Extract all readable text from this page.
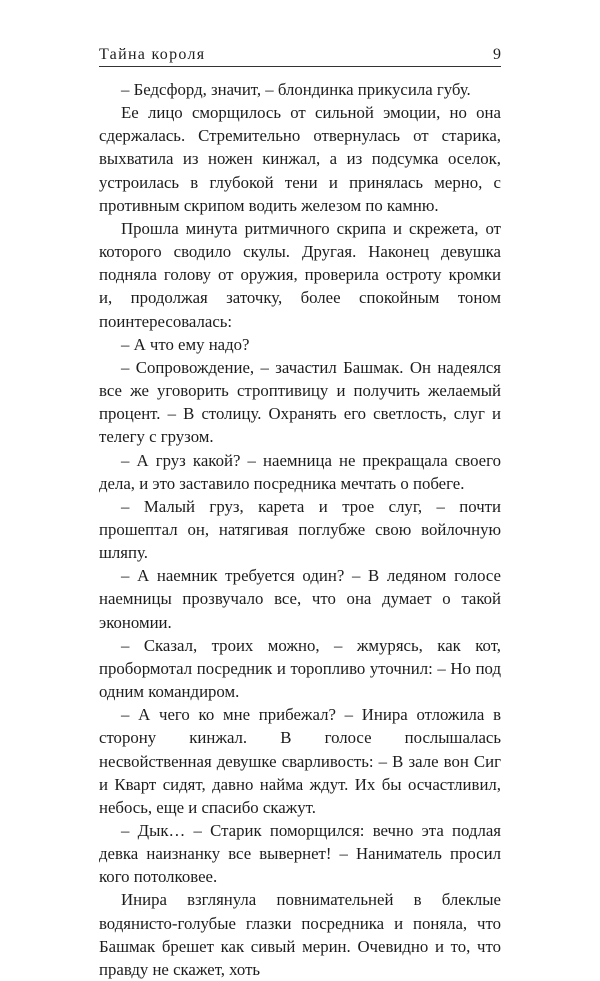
Тайна короля	9

– Бедсфорд, значит, – блондинка прикусила губу.

Ее лицо сморщилось от сильной эмоции, но она сдержалась. Стремительно отвернулась от старика, выхватила из ножен кинжал, а из подсумка оселок, устроилась в глубокой тени и принялась мерно, с противным скрипом водить железом по камню.

Прошла минута ритмичного скрипа и скрежета, от которого сводило скулы. Другая. Наконец девушка подняла голову от оружия, проверила остроту кромки и, продолжая заточку, более спокойным тоном поинтересовалась:

– А что ему надо?

– Сопровождение, – зачастил Башмак. Он надеялся все же уговорить строптивицу и получить желаемый процент. – В столицу. Охранять его светлость, слуг и телегу с грузом.

– А груз какой? – наемница не прекращала своего дела, и это заставило посредника мечтать о побеге.

– Малый груз, карета и трое слуг, – почти прошептал он, натягивая поглубже свою войлочную шляпу.

– А наемник требуется один? – В ледяном голосе наемницы прозвучало все, что она думает о такой экономии.

– Сказал, троих можно, – жмурясь, как кот, пробормотал посредник и торопливо уточнил: – Но под одним командиром.

– А чего ко мне прибежал? – Инира отложила в сторону кинжал. В голосе послышалась несвойственная девушке сварливость: – В зале вон Сиг и Кварт сидят, давно найма ждут. Их бы осчастливил, небось, еще и спасибо скажут.

– Дык… – Старик поморщился: вечно эта подлая девка наизнанку все вывернет! – Наниматель просил кого потолковее.

Инира взглянула повнимательней в блеклые водянисто-голубые глазки посредника и поняла, что Башмак брешет как сивый мерин. Очевидно и то, что правду не скажет, хоть
